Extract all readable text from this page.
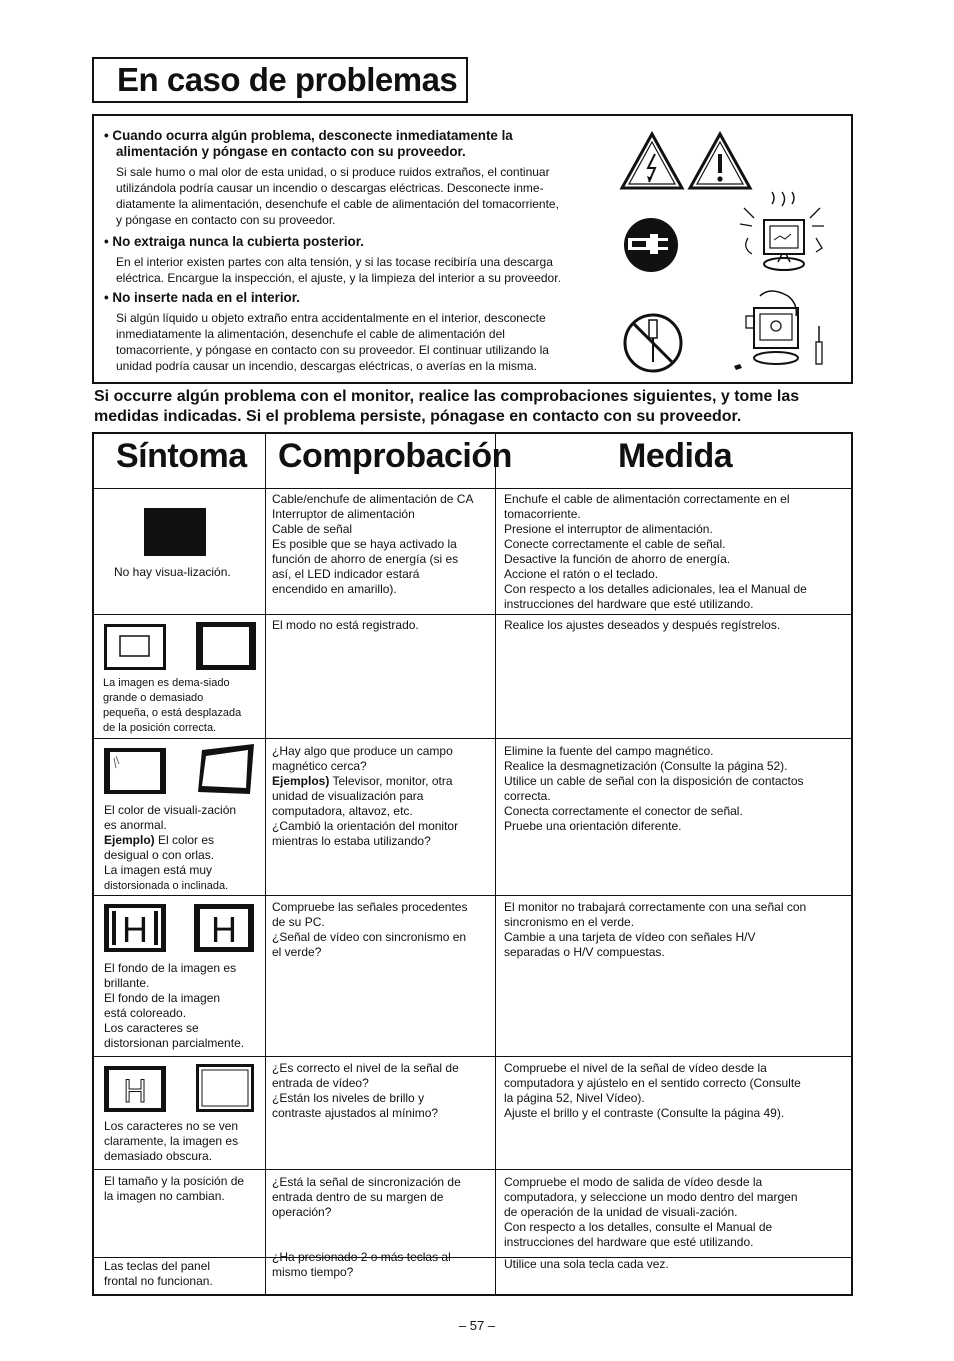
En caso de problemas
• Cuando ocurra algún problema, desconecte inmediatamente la
alimentación y póngase en contacto con su proveedor.
Si sale humo o mal olor de esta unidad, o si produce ruidos extraños, el continuar
utilizándola podría causar un incendio o descargas eléctricas. Desconecte inme-
diatamente la alimentación, desenchufe el cable de alimentación del tomacorriente,
y póngase en contacto con su proveedor.
• No extraiga nunca la cubierta posterior.
En el interior existen partes con alta tensión, y si las tocase recibiría una descarga
eléctrica. Encargue la inspección, el ajuste, y la limpieza del interior a su proveedor.
• No inserte nada en el interior.
Si algún líquido u objeto extraño entra accidentalmente en el interior, desconecte
inmediatamente la alimentación, desenchufe el cable de alimentación del
tomacorriente, y póngase en contacto con su proveedor. El continuar utilizando la
unidad podría causar un incendio, descargas eléctricas, o averías en la misma.
Si occurre algún problema con el monitor, realice las comprobaciones siguientes, y tome las medidas indicadas. Si el problema persiste, pónagase en contacto con su proveedor.
Síntoma Comprobación	Medida
No hay visua-lización.
Cable/enchufe de alimentación de CA
Interruptor de alimentación
Cable de señal
Es posible que se haya activado la
función de ahorro de energía (si es
así, el LED indicador estará
encendido en amarillo).
Enchufe el cable de alimentación correctamente en el
tomacorriente.
Presione el interruptor de alimentación.
Conecte correctamente el cable de señal.
Desactive la función de ahorro de energía.
Accione el ratón o el teclado.
Con respecto a los detalles adicionales, lea el Manual de
instrucciones del hardware que esté utilizando.
La imagen es dema-siado
grande o demasiado
pequeña, o está desplazada
de la posición correcta.
El modo no está registrado.	Realice los ajustes deseados y después regístrelos.
El color de visuali-zación
es anormal.
Ejemplo) El color es
desigual o con orlas.
La imagen está muy
distorsionada o inclinada.
¿Hay algo que produce un campo
magnético cerca?
Ejemplos) Televisor, monitor, otra
unidad de visualización para
computadora, altavoz, etc.
¿Cambió la orientación del monitor
mientras lo estaba utilizando?
Elimine la fuente del campo magnético.
Realice la desmagnetización (Consulte la página 52).
Utilice un cable de señal con la disposición de contactos
correcta.
Conecta correctamente el conector de señal.
Pruebe una orientación diferente.
H H
El fondo de la imagen es
brillante.
El fondo de la imagen
está coloreado.
Los caracteres se
distorsionan parcialmente.
Compruebe las señales procedentes
de su PC.
¿Señal de vídeo con sincronismo en
el verde?
El monitor no trabajará correctamente con una señal con
sincronismo en el verde.
Cambie a una tarjeta de vídeo con señales H/V
separadas o H/V compuestas.
H
Los caracteres no se ven
claramente, la imagen es
demasiado obscura.
¿Es correcto el nivel de la señal de
entrada de vídeo?
¿Están los niveles de brillo y
contraste ajustados al mínimo?
Compruebe el nivel de la señal de vídeo desde la
computadora y ajústelo en el sentido correcto (Consulte
la página 52, Nivel Vídeo).
Ajuste el brillo y el contraste (Consulte la página 49).
El tamaño y la posición de
la imagen no cambian.
¿Está la señal de sincronización de
entrada dentro de su margen de
operación?
Compruebe el modo de salida de vídeo desde la
computadora, y seleccione un modo dentro del margen
de operación de la unidad de visuali-zación.
Con respecto a los detalles, consulte el Manual de
instrucciones del hardware que esté utilizando.
Las teclas del panel
frontal no funcionan.
¿Ha presionado 2 o más teclas al
mismo tiempo?
Utilice una sola tecla cada vez.
– 57 –
